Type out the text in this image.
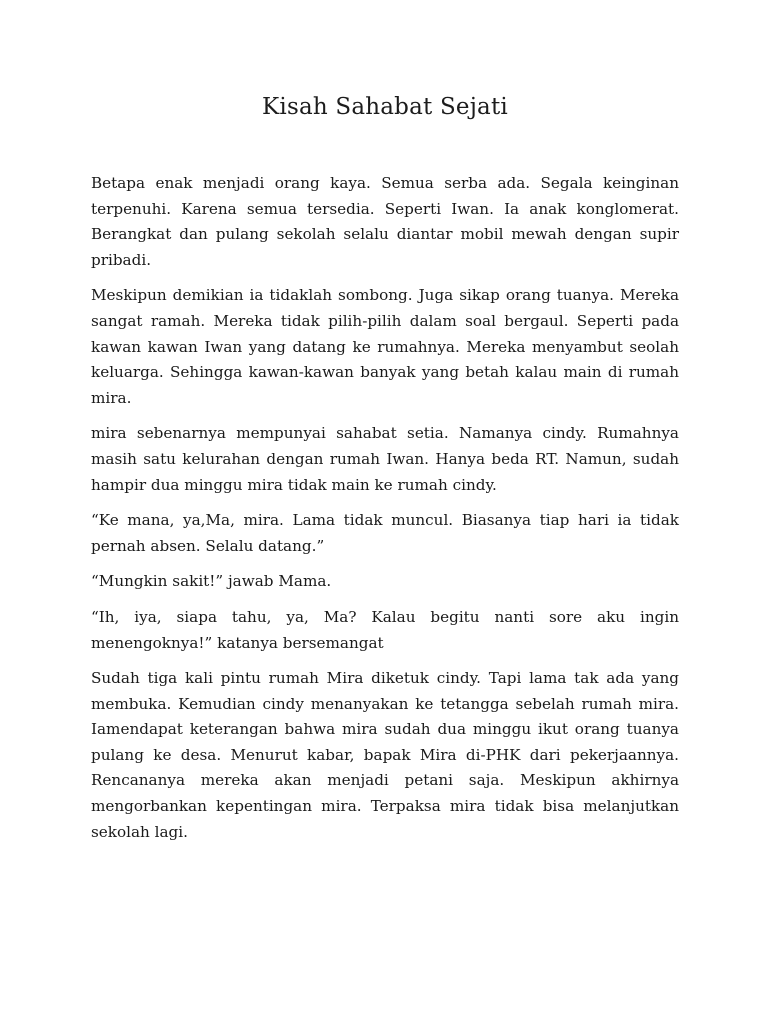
Kisah Sahabat Sejati

Betapa enak menjadi orang kaya. Semua serba ada. Segala keinginan terpenuhi. Karena semua tersedia. Seperti Iwan. Ia anak konglomerat. Berangkat dan pulang sekolah selalu diantar mobil mewah dengan supir pribadi.

Meskipun demikian ia tidaklah sombong. Juga sikap orang tuanya. Mereka sangat ramah. Mereka tidak pilih-pilih dalam soal bergaul. Seperti pada kawan kawan Iwan yang datang ke rumahnya. Mereka menyambut seolah keluarga. Sehingga kawan-kawan banyak yang betah kalau main di rumah mira.

mira sebenarnya mempunyai sahabat setia. Namanya cindy. Rumahnya masih satu kelurahan dengan rumah Iwan. Hanya beda RT. Namun, sudah hampir dua minggu mira tidak main ke rumah cindy.

“Ke mana, ya,Ma, mira. Lama tidak muncul. Biasanya tiap hari ia tidak pernah absen. Selalu datang.”

“Mungkin sakit!” jawab Mama.

“Ih, iya, siapa tahu, ya, Ma? Kalau begitu nanti sore aku ingin menengoknya!” katanya bersemangat

Sudah tiga kali pintu rumah Mira diketuk cindy. Tapi lama tak ada yang membuka. Kemudian cindy menanyakan ke tetangga sebelah rumah mira. Iamendapat keterangan bahwa mira sudah dua minggu ikut orang tuanya pulang ke desa. Menurut kabar, bapak Mira di-PHK dari pekerjaannya. Rencananya mereka akan menjadi petani saja. Meskipun akhirnya mengorbankan kepentingan mira. Terpaksa mira tidak bisa melanjutkan sekolah lagi.
